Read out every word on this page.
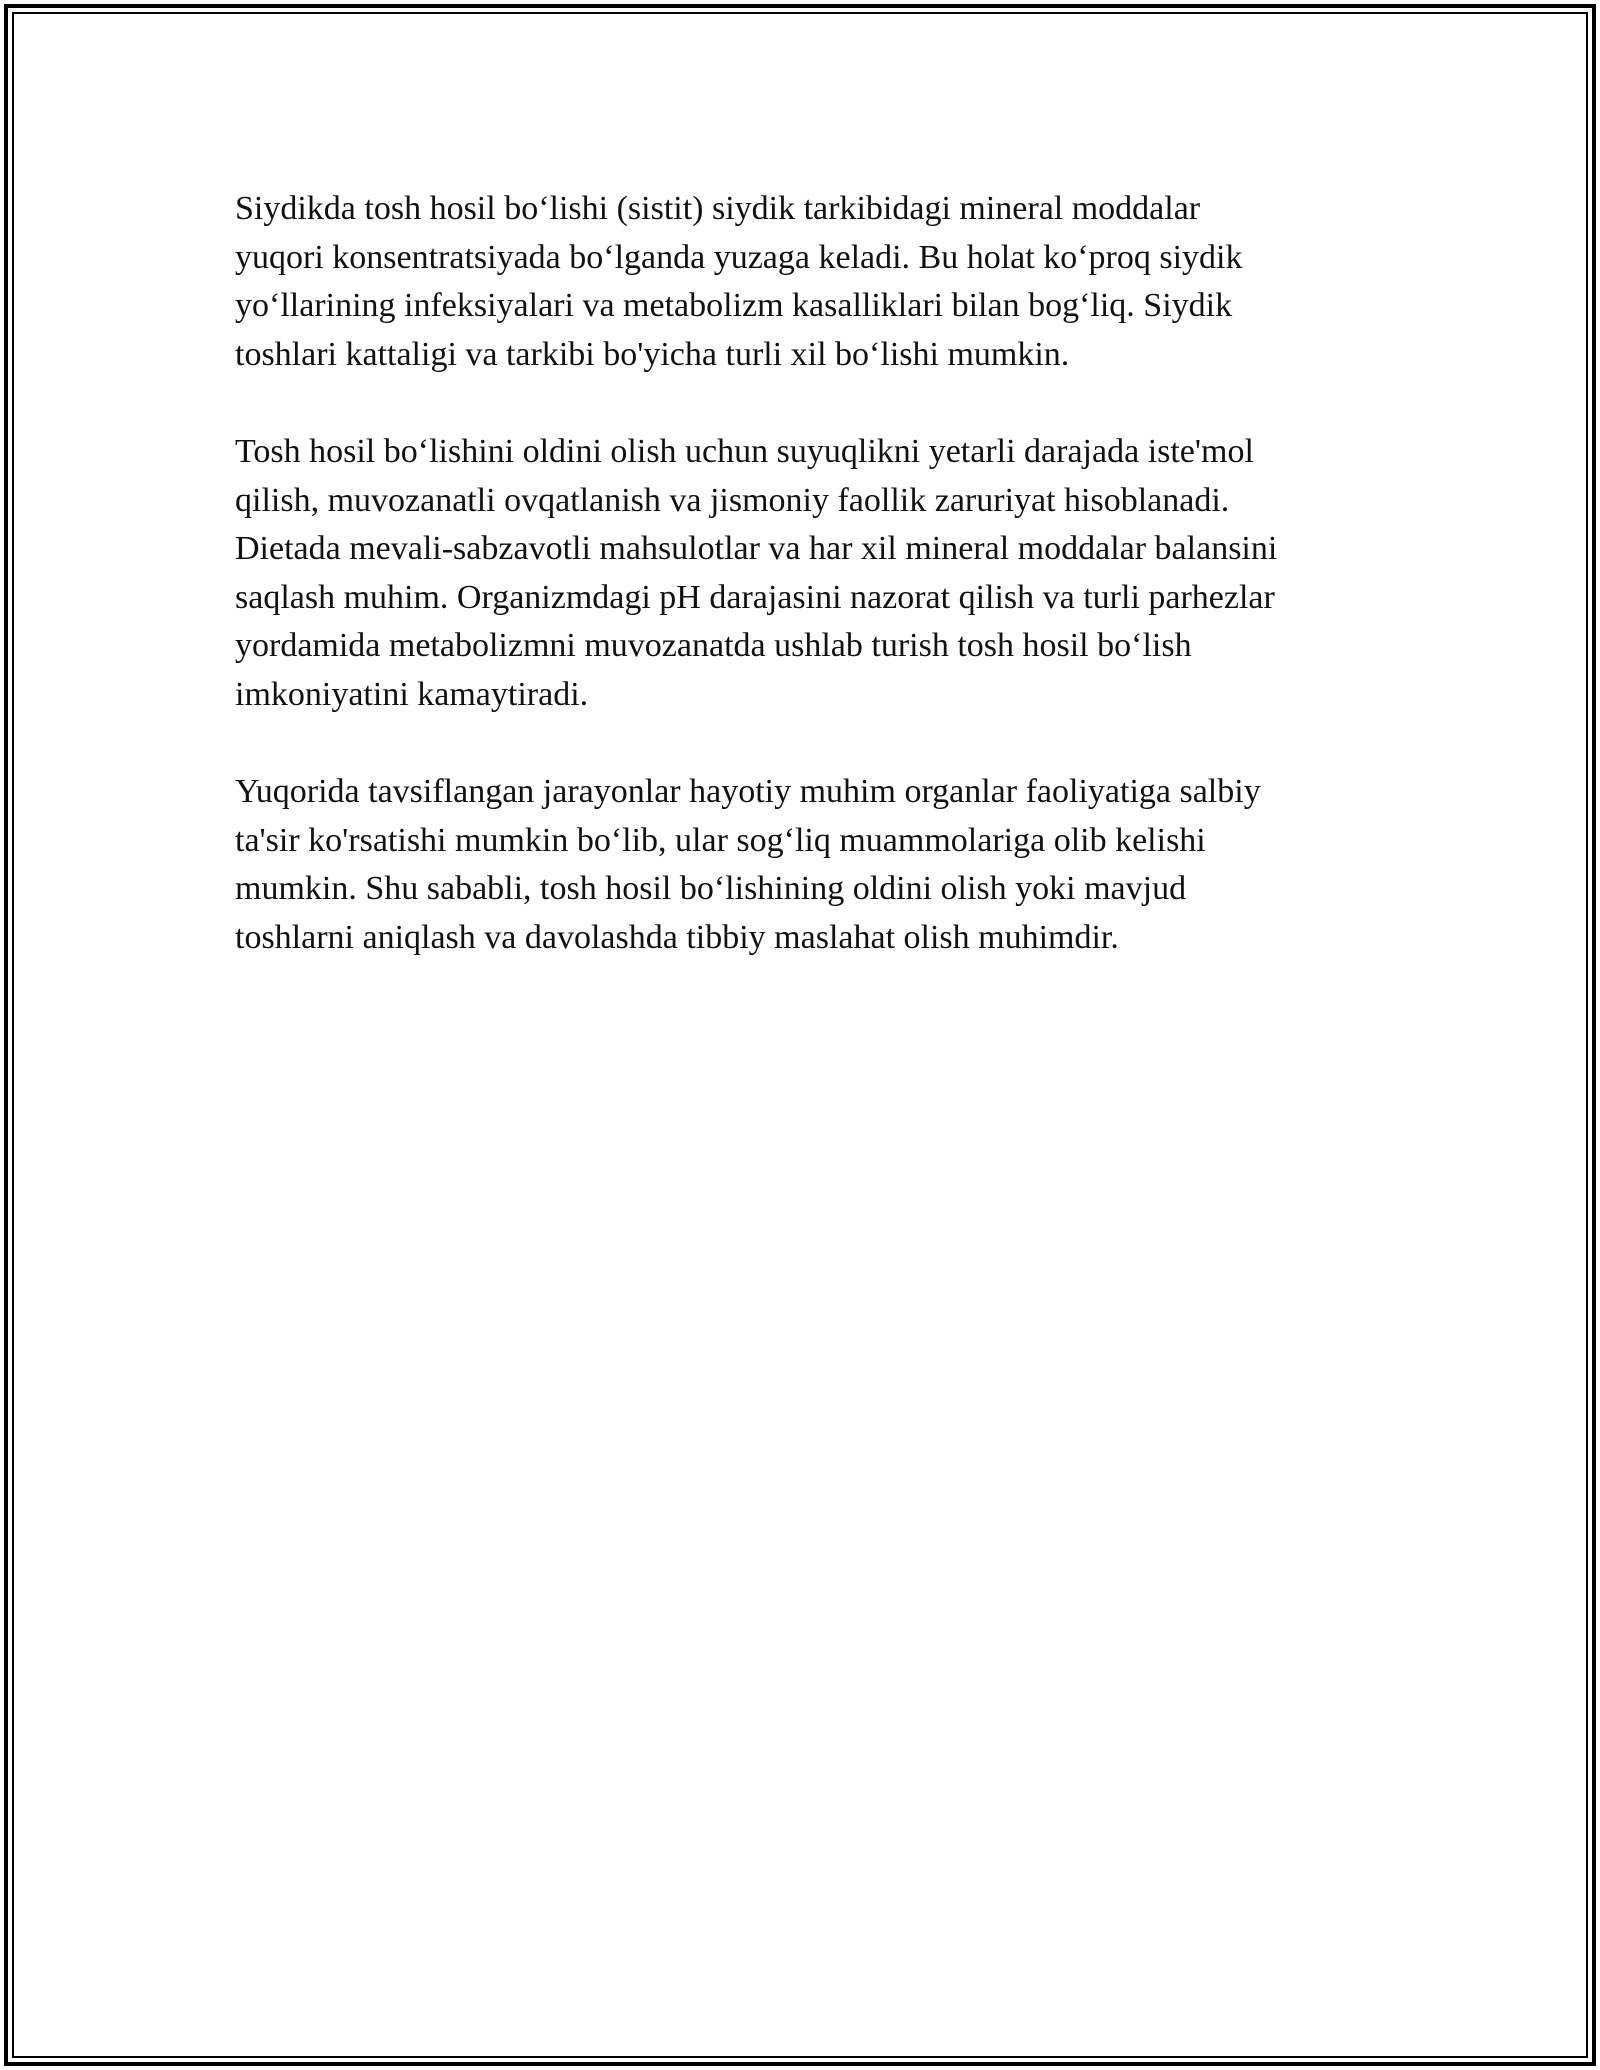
Siydikda tosh hosil bo‘lishi (sistit) siydik tarkibidagi mineral moddalar
yuqori konsentratsiyada bo‘lganda yuzaga keladi. Bu holat ko‘proq siydik
yo‘llarining infeksiyalari va metabolizm kasalliklari bilan bog‘liq. Siydik
toshlari kattaligi va tarkibi bo'yicha turli xil bo‘lishi mumkin.

Tosh hosil bo‘lishini oldini olish uchun suyuqlikni yetarli darajada iste'mol
qilish, muvozanatli ovqatlanish va jismoniy faollik zaruriyat hisoblanadi.
Dietada mevali-sabzavotli mahsulotlar va har xil mineral moddalar balansini
saqlash muhim. Organizmdagi pH darajasini nazorat qilish va turli parhezlar
yordamida metabolizmni muvozanatda ushlab turish tosh hosil bo‘lish
imkoniyatini kamaytiradi.

Yuqorida tavsiflangan jarayonlar hayotiy muhim organlar faoliyatiga salbiy
ta'sir ko'rsatishi mumkin bo‘lib, ular sog‘liq muammolariga olib kelishi
mumkin. Shu sababli, tosh hosil bo‘lishining oldini olish yoki mavjud
toshlarni aniqlash va davolashda tibbiy maslahat olish muhimdir.
